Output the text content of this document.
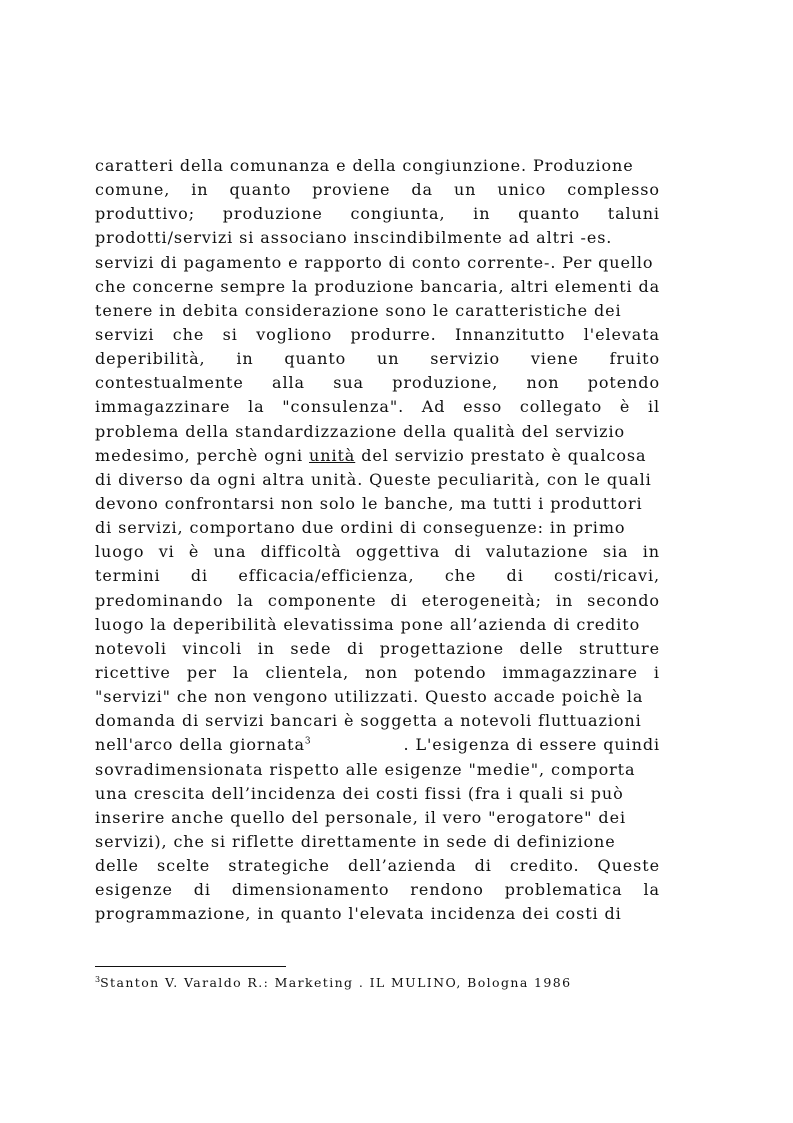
caratteri della comunanza e della congiunzione. Produzione
comune, in quanto proviene da un unico complesso
produttivo; produzione congiunta, in quanto taluni
prodotti/servizi si associano inscindibilmente ad altri -es.
servizi di pagamento e rapporto di conto corrente-. Per quello
che concerne sempre la produzione bancaria, altri elementi da
tenere in debita considerazione sono le caratteristiche dei
servizi che si vogliono produrre. Innanzitutto l'elevata
deperibilità, in quanto un servizio viene fruito
contestualmente alla sua produzione, non potendo
immagazzinare la "consulenza". Ad esso collegato è il
problema della standardizzazione della qualità del servizio
medesimo, perchè ogni unità del servizio prestato è qualcosa
di diverso da ogni altra unità. Queste peculiarità, con le quali
devono confrontarsi non solo le banche, ma tutti i produttori
di servizi, comportano due ordini di conseguenze: in primo
luogo vi è una difficoltà oggettiva di valutazione sia in
termini di efficacia/efficienza, che di costi/ricavi,
predominando la componente di eterogeneità; in secondo
luogo la deperibilità elevatissima pone all’azienda di credito
notevoli vincoli in sede di progettazione delle strutture
ricettive per la clientela, non potendo immagazzinare i
"servizi" che non vengono utilizzati. Questo accade poichè la
domanda di servizi bancari è soggetta a notevoli fluttuazioni
nell'arco della giornata$^3$	. L'esigenza di essere quindi
sovradimensionata rispetto alle esigenze "medie", comporta
una crescita dell’incidenza dei costi fissi (fra i quali si può
inserire anche quello del personale, il vero "erogatore" dei
servizi), che si riflette direttamente in sede di definizione
delle scelte strategiche dell’azienda di credito. Queste
esigenze di dimensionamento rendono problematica la
programmazione, in quanto l'elevata incidenza dei costi di
$^3$Stanton V. Varaldo R.: Marketing . IL MULINO, Bologna 1986
